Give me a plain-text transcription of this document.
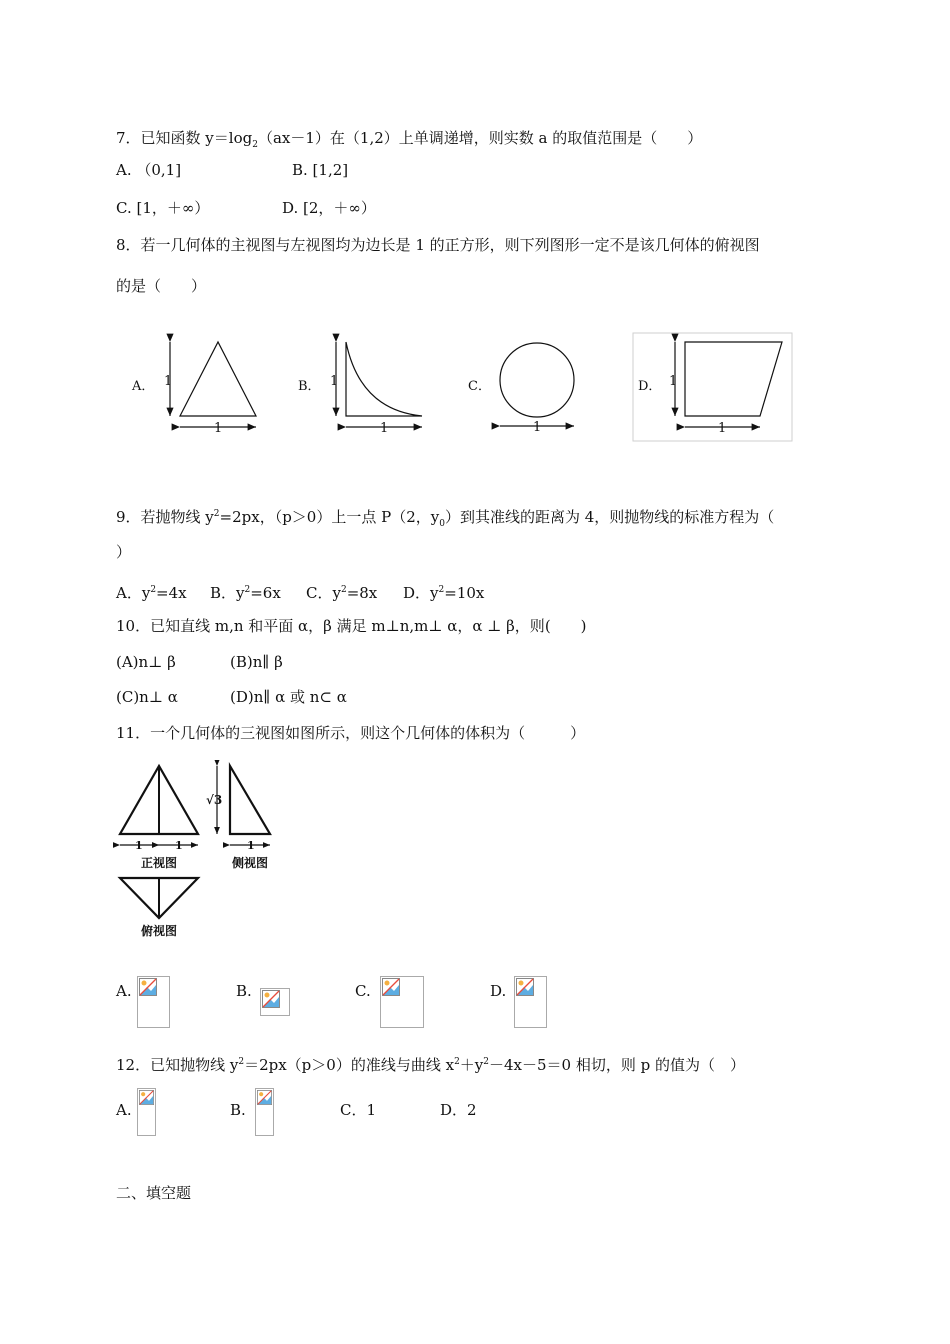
7．已知函数 $y=\log_2(ax-1)$在（1,2）上单调递增，则实数 a 的取值范围是（　　）
A. （0,1]	B. [1,2]
C. [1，＋∞）	D. [2，＋∞）
8．若一几何体的主视图与左视图均为边长是 1 的正方形，则下列图形一定不是该几何体的俯视图
的是（　　）
A． 1
1
B． 1
1
C．
1
D． 1
1
9．若抛物线 $y^2=2px$，（p＞0）上一点 P（2，$y_0$）到其准线的距离为 4，则抛物线的标准方程为（
）
A．$y^2=4x$ B．$y^2=6x$ C．$y^2=8x$ D．$y^2=10x$
10．已知直线 m,n 和平面 α，β 满足 m⊥n,m⊥ α，α ⊥ β，则(　　)
(A)n⊥ β	(B)n∥ β
(C)n⊥ α	(D)n∥ α 或 n⊂ α
11．一个几何体的三视图如图所示，则这个几何体的体积为（　　　）
1	1
正视图
√3
1
侧视图
俯视图
A.	B.	C.	D.
12．已知抛物线 $y^2=2px(p>0)$的准线与曲线 $x^2+y^2-4x-5=0$ 相切，则 p 的值为（　）
A.	B.	C．1	D．2
二、填空题
